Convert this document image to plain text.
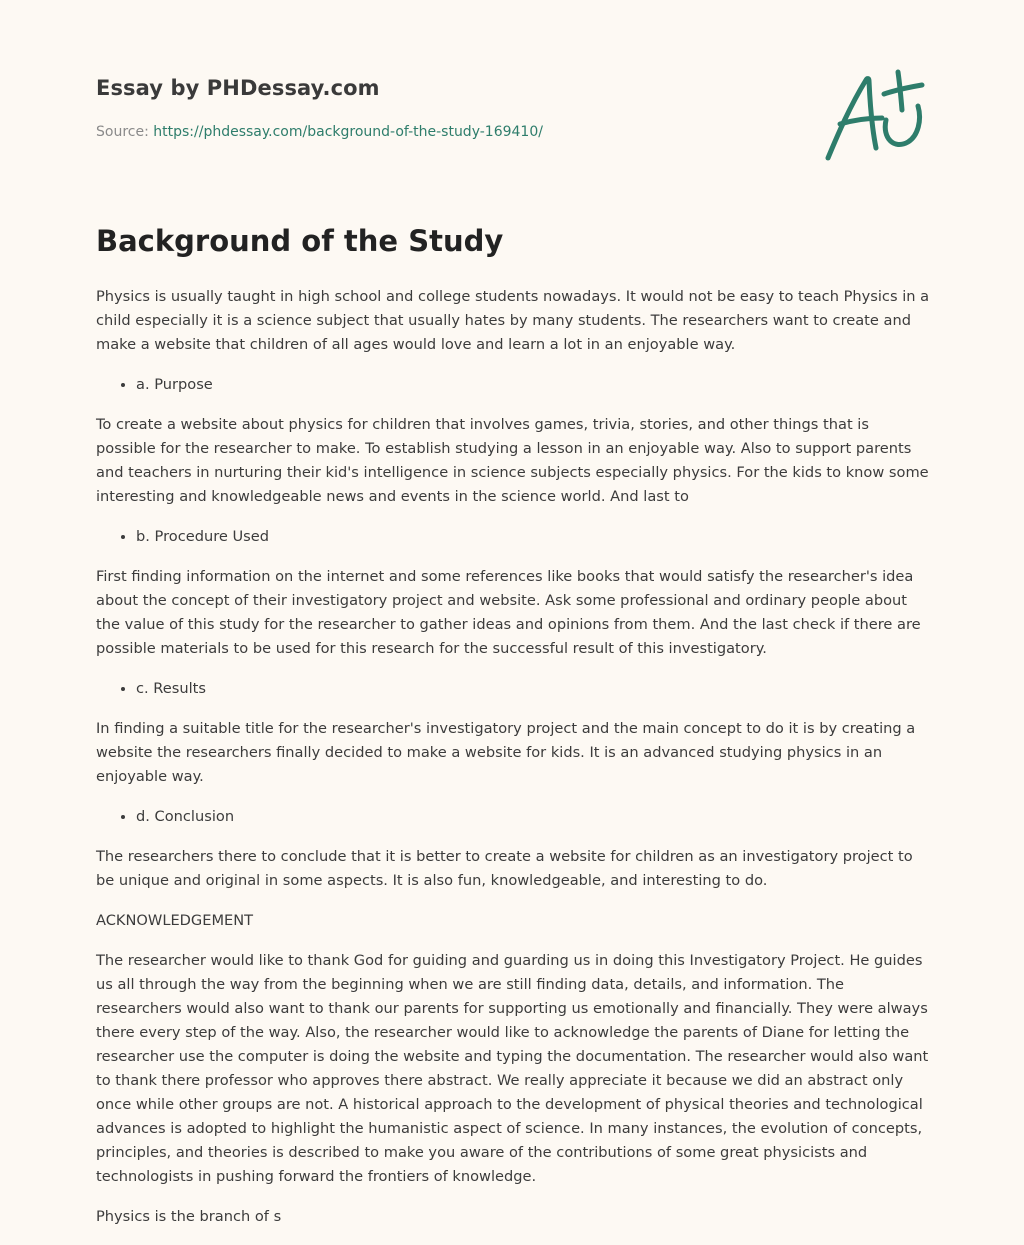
Essay by PHDessay.com
Source: https://phdessay.com/background-of-the-study-169410/
Background of the Study

Physics is usually taught in high school and college students nowadays. It would not be easy to teach Physics in a child especially it is a science subject that usually hates by many students. The researchers want to create and make a website that children of all ages would love and learn a lot in an enjoyable way.

• a. Purpose

To create a website about physics for children that involves games, trivia, stories, and other things that is possible for the researcher to make. To establish studying a lesson in an enjoyable way. Also to support parents and teachers in nurturing their kid's intelligence in science subjects especially physics. For the kids to know some interesting and knowledgeable news and events in the science world. And last to

• b. Procedure Used

First finding information on the internet and some references like books that would satisfy the researcher's idea about the concept of their investigatory project and website. Ask some professional and ordinary people about the value of this study for the researcher to gather ideas and opinions from them. And the last check if there are possible materials to be used for this research for the successful result of this investigatory.

• c. Results

In finding a suitable title for the researcher's investigatory project and the main concept to do it is by creating a website the researchers finally decided to make a website for kids. It is an advanced studying physics in an enjoyable way.

• d. Conclusion

The researchers there to conclude that it is better to create a website for children as an investigatory project to be unique and original in some aspects. It is also fun, knowledgeable, and interesting to do.

ACKNOWLEDGEMENT

The researcher would like to thank God for guiding and guarding us in doing this Investigatory Project. He guides us all through the way from the beginning when we are still finding data, details, and information. The researchers would also want to thank our parents for supporting us emotionally and financially. They were always there every step of the way. Also, the researcher would like to acknowledge the parents of Diane for letting the researcher use the computer is doing the website and typing the documentation. The researcher would also want to thank there professor who approves there abstract. We really appreciate it because we did an abstract only once while other groups are not. A historical approach to the development of physical theories and technological advances is adopted to highlight the humanistic aspect of science. In many instances, the evolution of concepts, principles, and theories is described to make you aware of the contributions of some great physicists and technologists in pushing forward the frontiers of knowledge.

Physics is the branch of s
